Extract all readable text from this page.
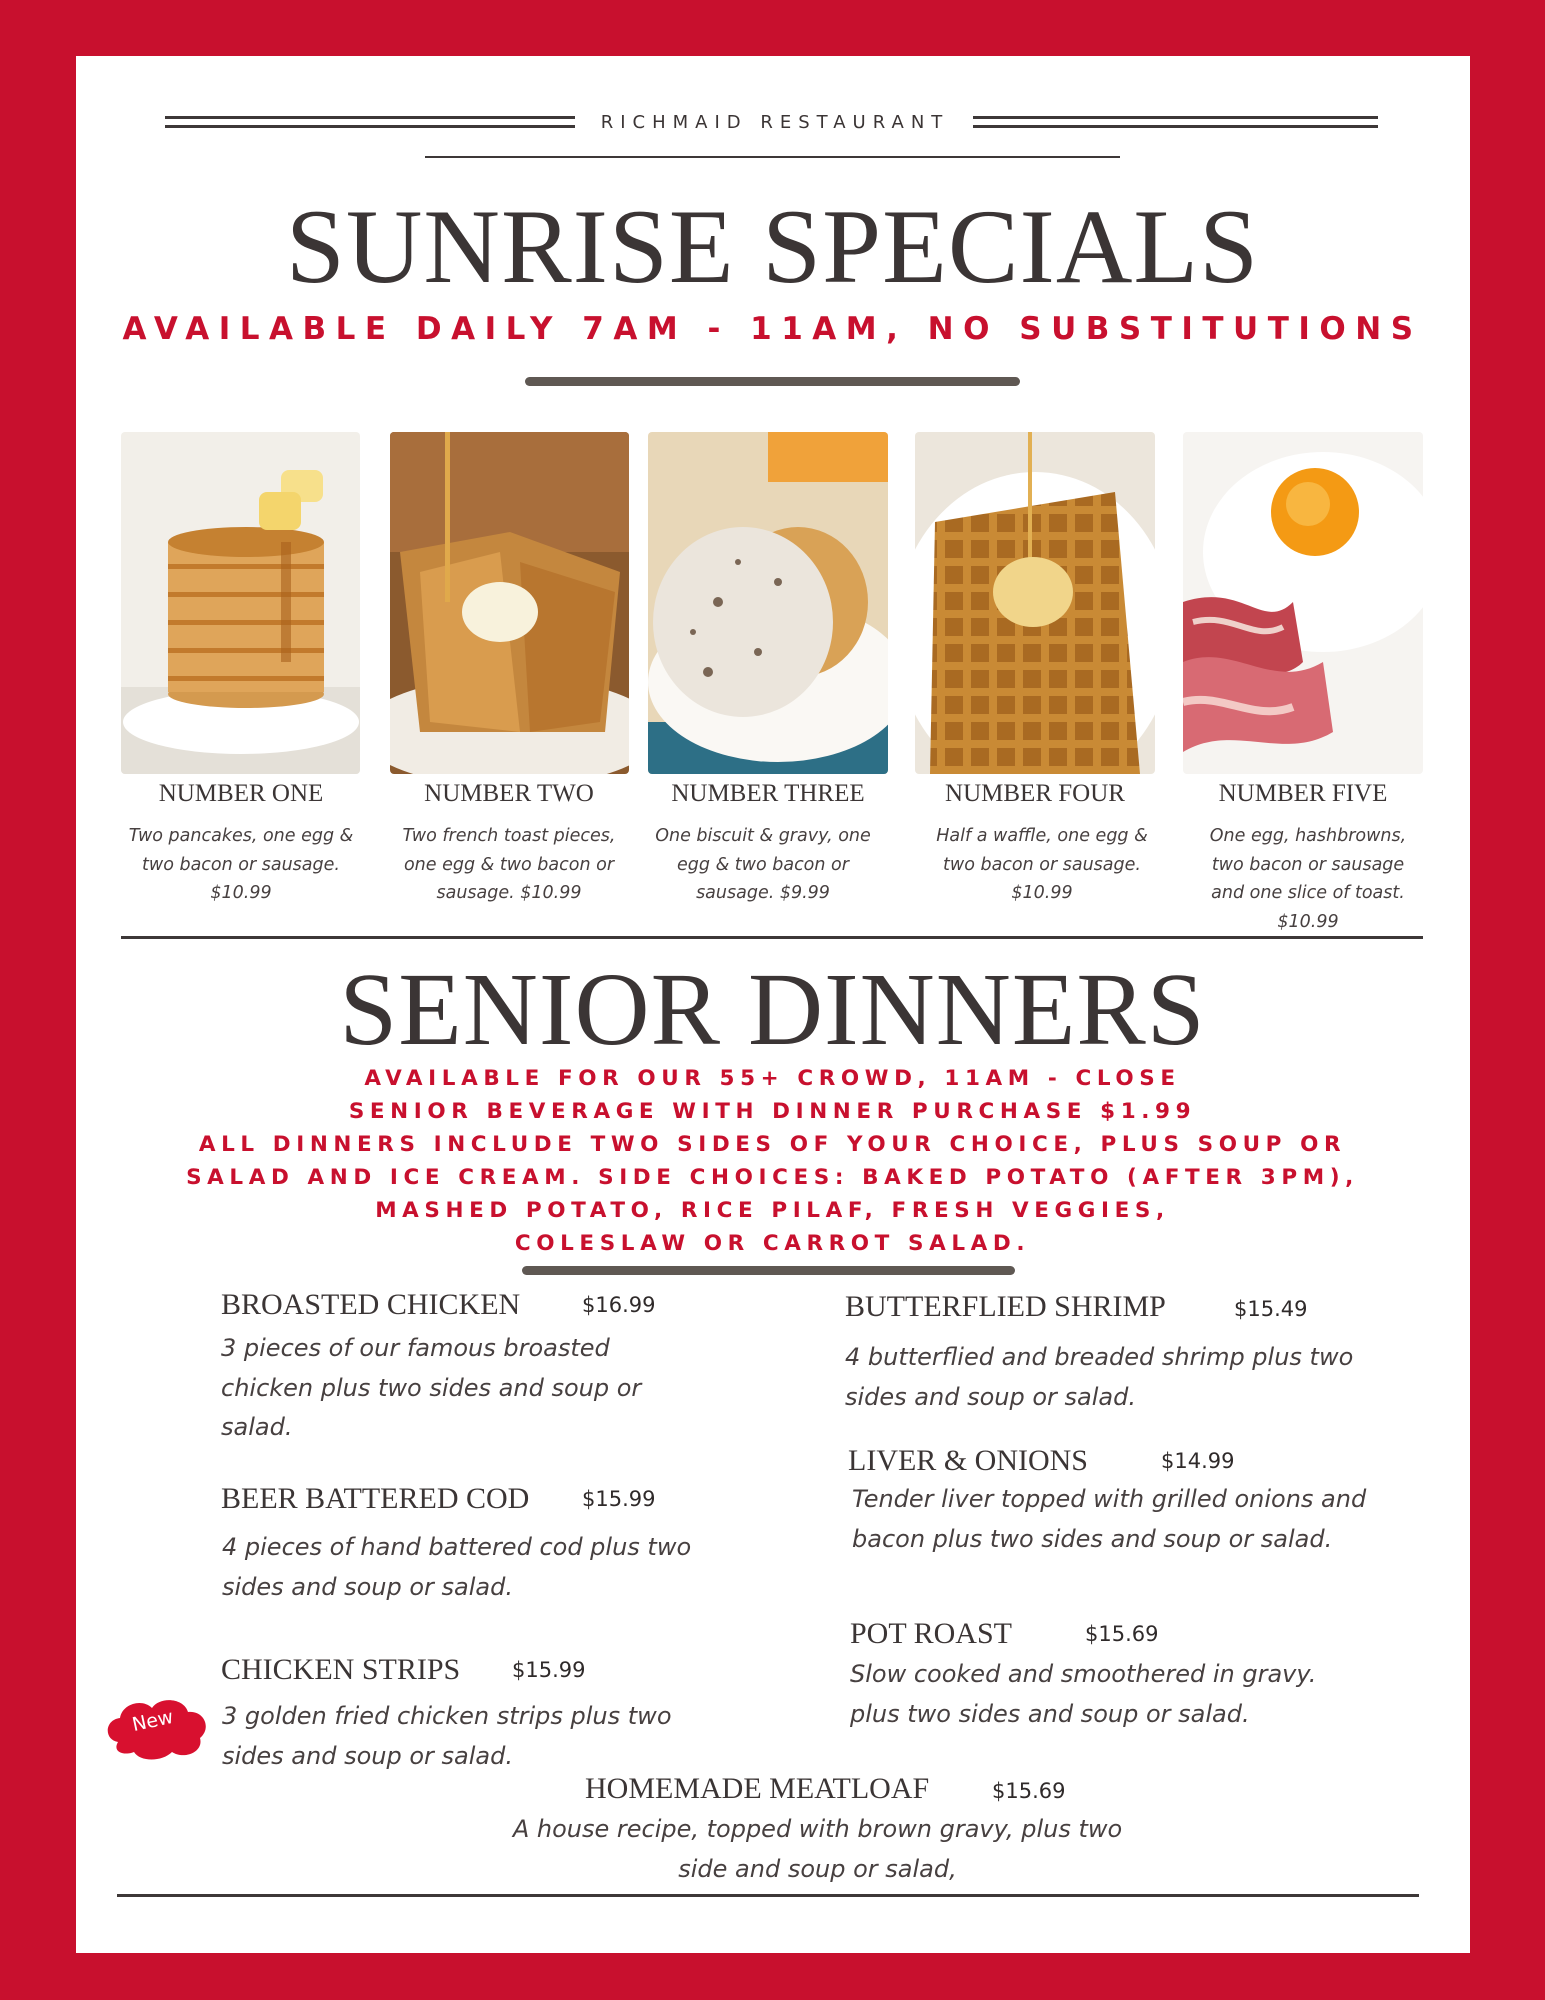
RICHMAID RESTAURANT
SUNRISE SPECIALS
AVAILABLE DAILY 7AM - 11AM, NO SUBSTITUTIONS
NUMBER ONE	NUMBER TWO	NUMBER THREE	NUMBER FOUR	NUMBER FIVE
Two pancakes, one egg & two bacon or sausage. $10.99
Two french toast pieces, one egg & two bacon or sausage. $10.99
One biscuit & gravy, one egg & two bacon or sausage. $9.99
Half a waffle, one egg & two bacon or sausage. $10.99
One egg, hashbrowns, two bacon or sausage and one slice of toast. $10.99
SENIOR DINNERS
AVAILABLE FOR OUR 55+ CROWD, 11AM - CLOSE
SENIOR BEVERAGE WITH DINNER PURCHASE $1.99
ALL DINNERS INCLUDE TWO SIDES OF YOUR CHOICE, PLUS SOUP OR
SALAD AND ICE CREAM. SIDE CHOICES: BAKED POTATO (AFTER 3PM),
MASHED POTATO, RICE PILAF, FRESH VEGGIES,
COLESLAW OR CARROT SALAD.
BROASTED CHICKEN	$16.99
3 pieces of our famous broasted chicken plus two sides and soup or salad.
BEER BATTERED COD	$15.99
4 pieces of hand battered cod plus two sides and soup or salad.
CHICKEN STRIPS $15.99
3 golden fried chicken strips plus two sides and soup or salad.
New
BUTTERFLIED SHRIMP	$15.49
4 butterflied and breaded shrimp plus two sides and soup or salad.
LIVER & ONIONS	$14.99
Tender liver topped with grilled onions and bacon plus two sides and soup or salad.
POT ROAST	$15.69
Slow cooked and smoothered in gravy. plus two sides and soup or salad.
HOMEMADE MEATLOAF	$15.69
A house recipe, topped with brown gravy, plus two side and soup or salad,
